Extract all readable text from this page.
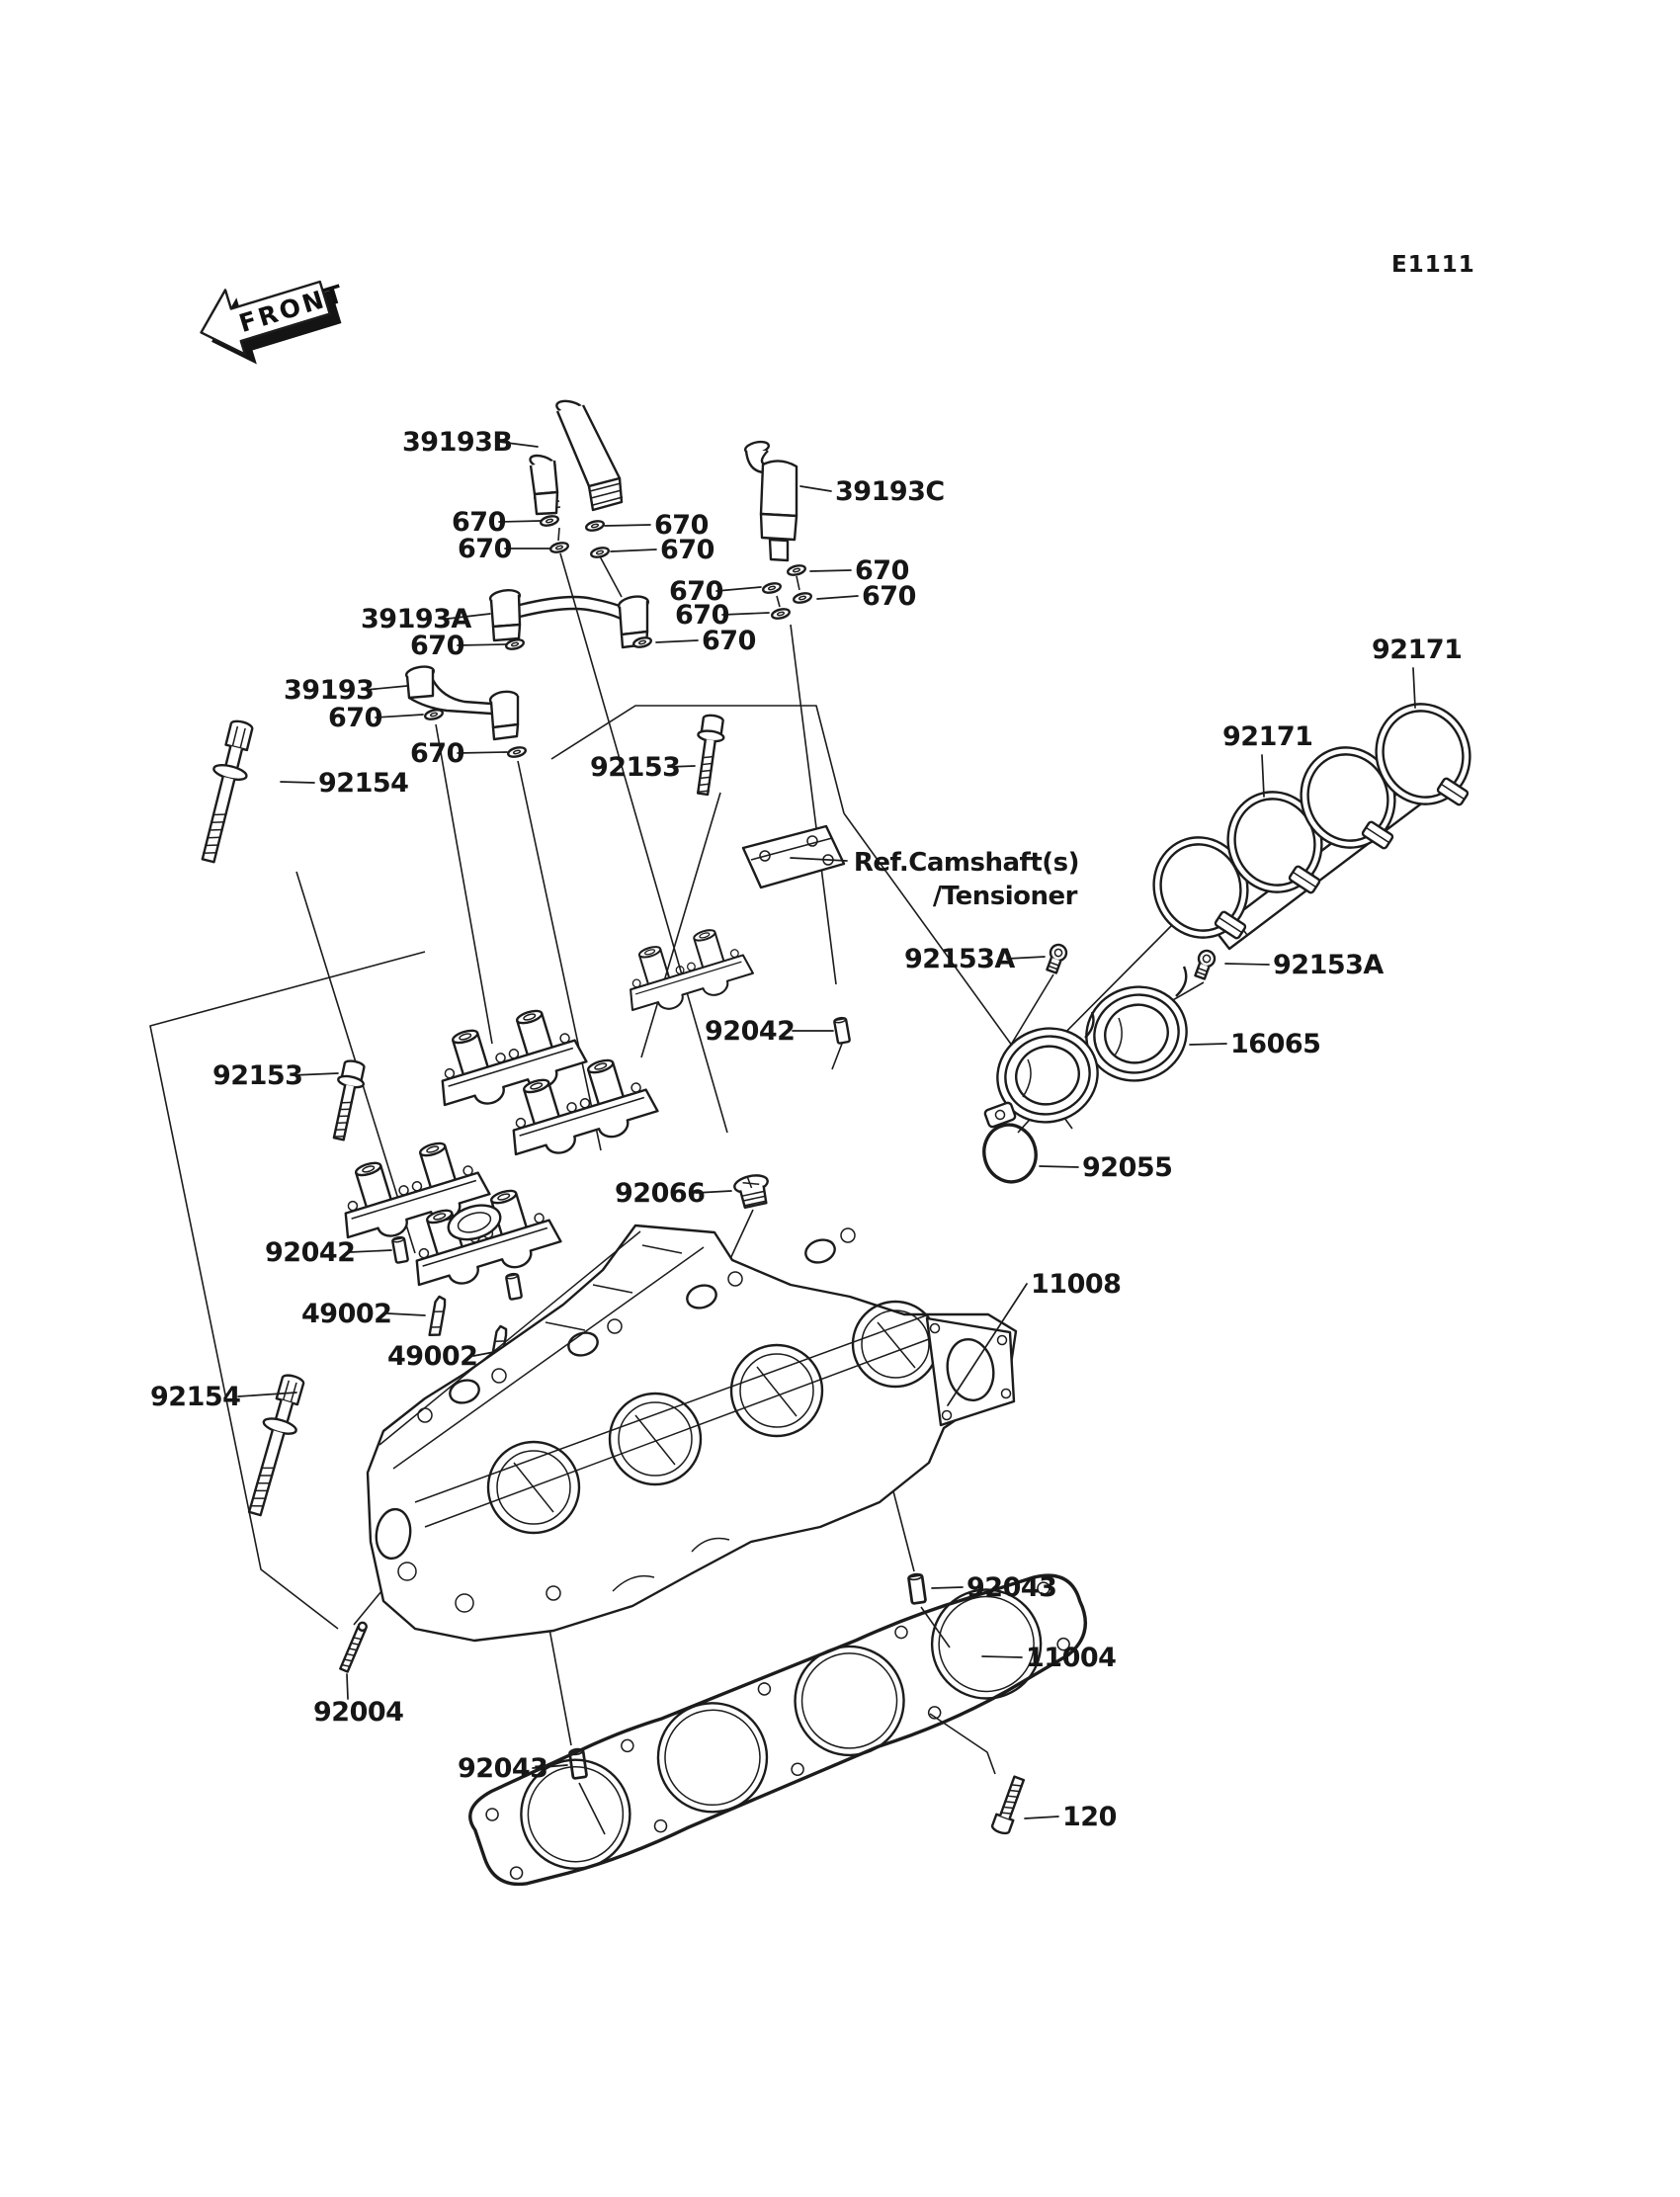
E1111
FRONT
39193B
670	670
670	670
39193C
670
670	670
670
39193A
670	670
39193
670
670
92154
92153
Ref.Camshaft(s)
/Tensioner
92153A	92153A
92171
92171
16065
92055
92042
92153
92066
92042
49002
49002
92154
11008
92004
92043
92043
11004
120
